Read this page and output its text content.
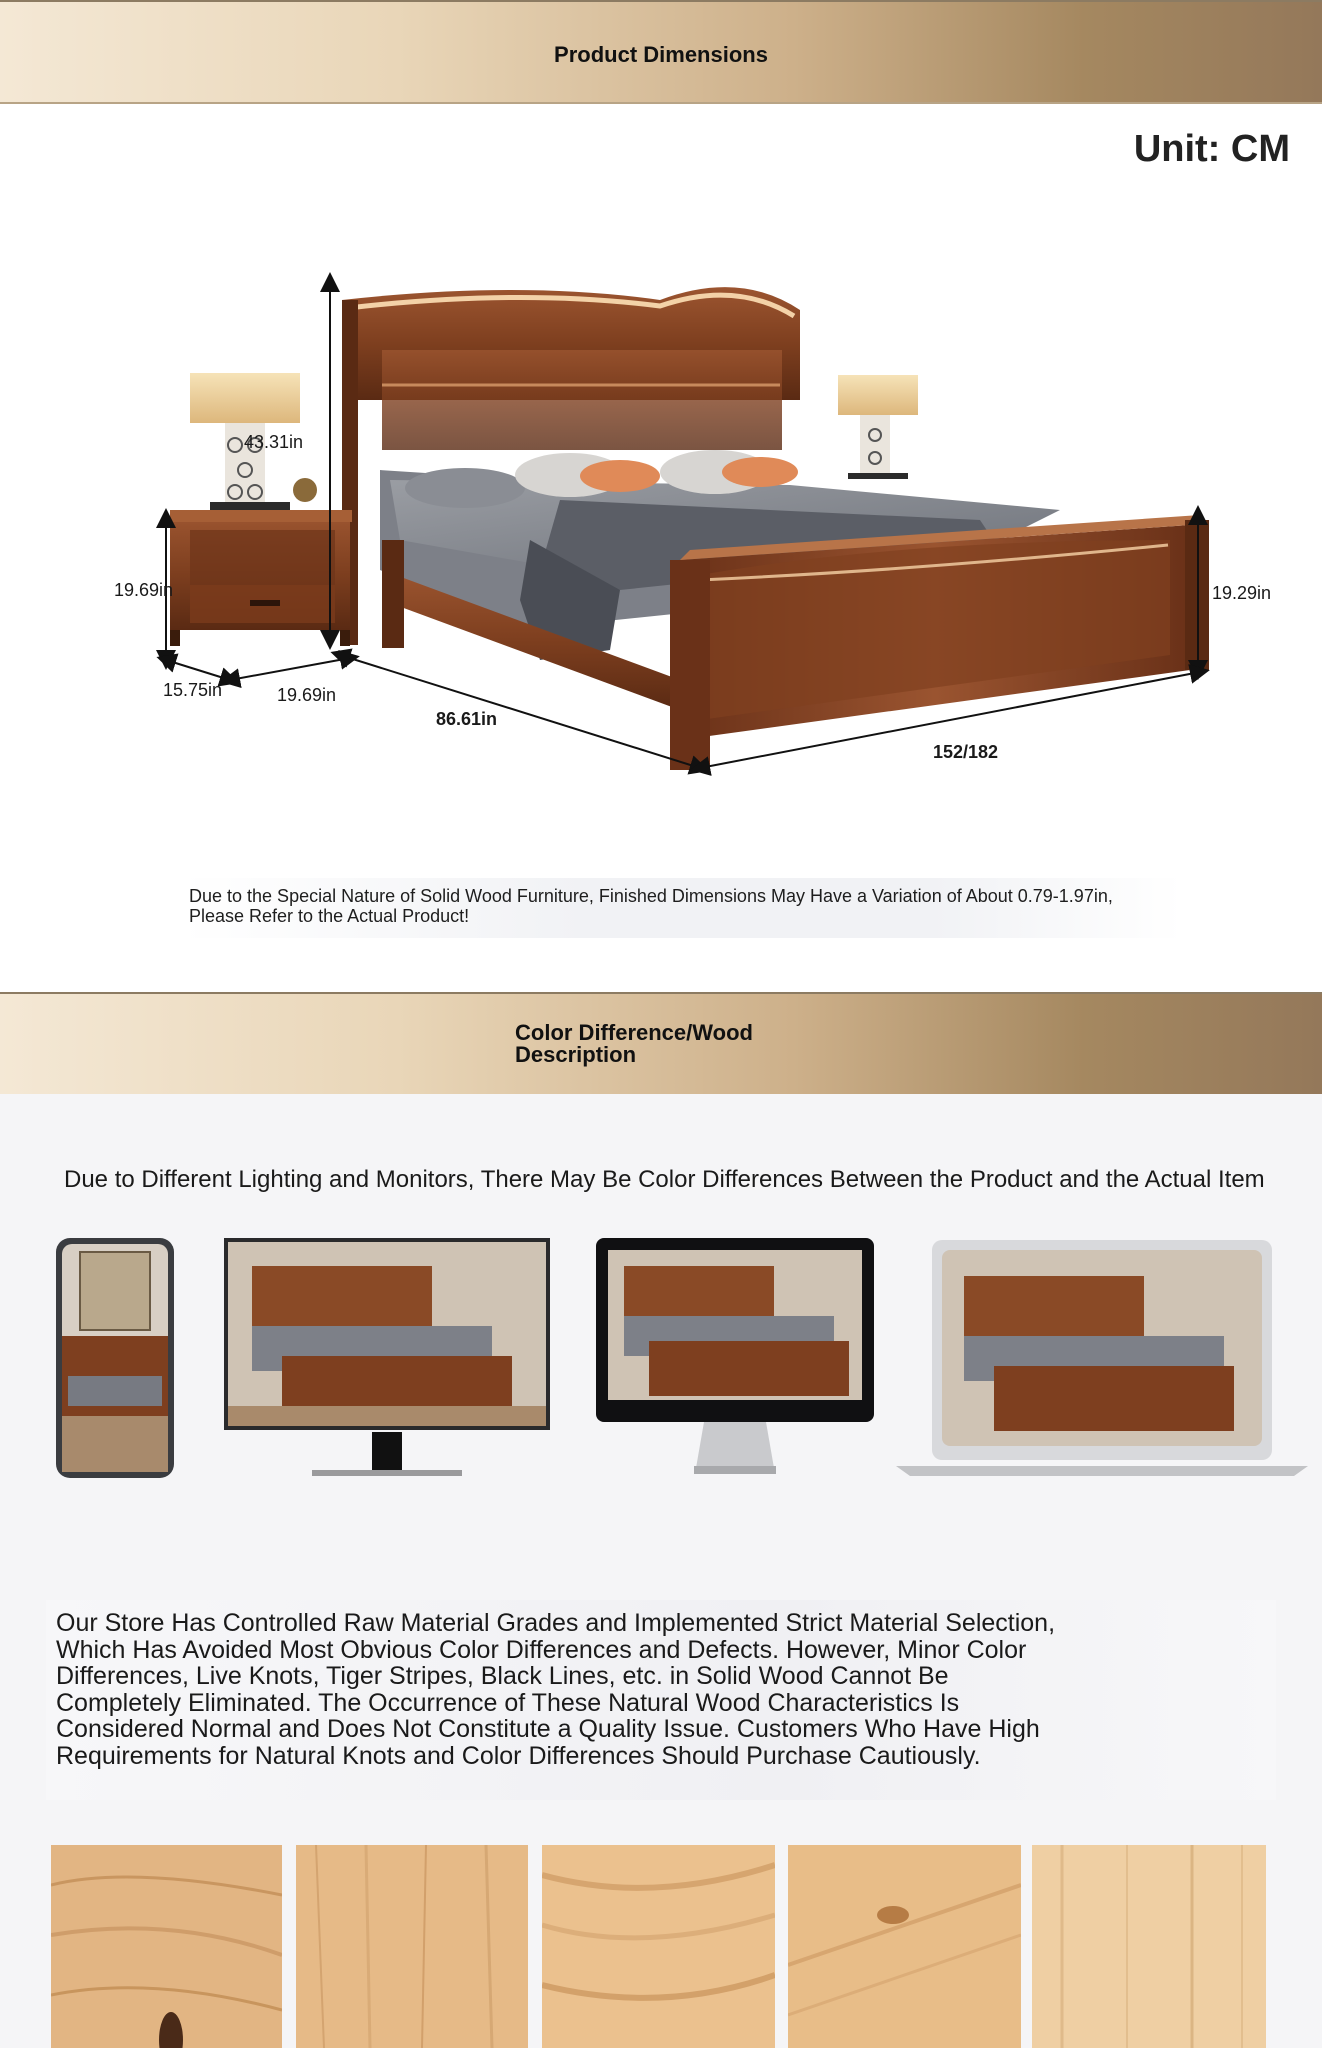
Product Dimensions
Unit: CM
43.31in
19.69in
15.75in	19.69in
86.61in
152/182
19.29in
Due to the Special Nature of Solid Wood Furniture, Finished Dimensions May Have a Variation of About 0.79-1.97in,
Please Refer to the Actual Product!
Color Difference/Wood
Description
Due to Different Lighting and Monitors, There May Be Color Differences Between the Product and the Actual Item
Our Store Has Controlled Raw Material Grades and Implemented Strict Material Selection, Which Has Avoided Most Obvious Color Differences and Defects. However, Minor Color Differences, Live Knots, Tiger Stripes, Black Lines, etc. in Solid Wood Cannot Be Completely Eliminated. The Occurrence of These Natural Wood Characteristics Is Considered Normal and Does Not Constitute a Quality Issue. Customers Who Have High Requirements for Natural Knots and Color Differences Should Purchase Cautiously.
